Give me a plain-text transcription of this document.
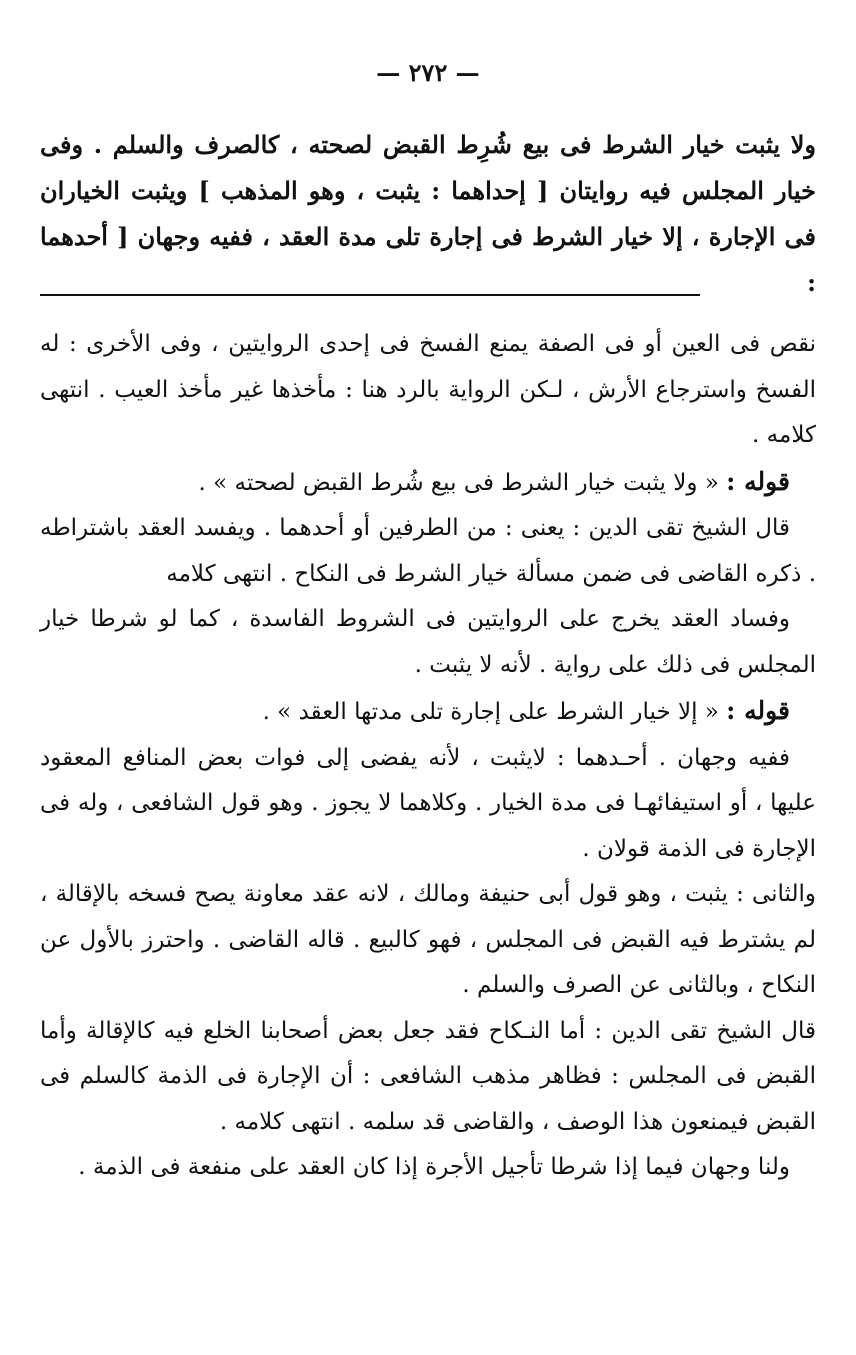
— ٢٧٢ —

ولا يثبت خيار الشرط فى بيع شُرِط القبض لصحته ، كالصرف والسلم . وفى خيار المجلس فيه روايتان [ إحداهما : يثبت ، وهو المذهب ] ويثبت الخياران فى الإجارة ، إلا خيار الشرط فى إجارة تلى مدة العقد ، ففيه وجهان [ أحدهما :

نقص فى العين أو فى الصفة يمنع الفسخ فى إحدى الروايتين ، وفى الأخرى : له الفسخ واسترجاع الأرش ، لـكن الرواية بالرد هنا : مأخذها غير مأخذ العيب . انتهى كلامه .

قوله : « ولا يثبت خيار الشرط فى بيع شُرط القبض لصحته » .

قال الشيخ تقى الدين : يعنى : من الطرفين أو أحدهما . ويفسد العقد باشتراطه . ذكره القاضى فى ضمن مسألة خيار الشرط فى النكاح . انتهى كلامه

وفساد العقد يخرج على الروايتين فى الشروط الفاسدة ، كما لو شرطا خيار المجلس فى ذلك على رواية . لأنه لا يثبت .

قوله : « إلا خيار الشرط على إجارة تلى مدتها العقد » .

ففيه وجهان . أحـدهما : لايثبت ، لأنه يفضى إلى فوات بعض المنافع المعقود عليها ، أو استيفائهـا فى مدة الخيار . وكلاهما لا يجوز . وهو قول الشافعى ، وله فى الإجارة فى الذمة قولان .

والثانى : يثبت ، وهو قول أبى حنيفة ومالك ، لانه عقد معاونة يصح فسخه بالإقالة ، لم يشترط فيه القبض فى المجلس ، فهو كالبيع . قاله القاضى . واحترز بالأول عن النكاح ، وبالثانى عن الصرف والسلم .

قال الشيخ تقى الدين : أما النـكاح فقد جعل بعض أصحابنا الخلع فيه كالإقالة وأما القبض فى المجلس : فظاهر مذهب الشافعى : أن الإجارة فى الذمة كالسلم فى القبض فيمنعون هذا الوصف ، والقاضى قد سلمه . انتهى كلامه .

ولنا وجهان فيما إذا شرطا تأجيل الأجرة إذا كان العقد على منفعة فى الذمة .
